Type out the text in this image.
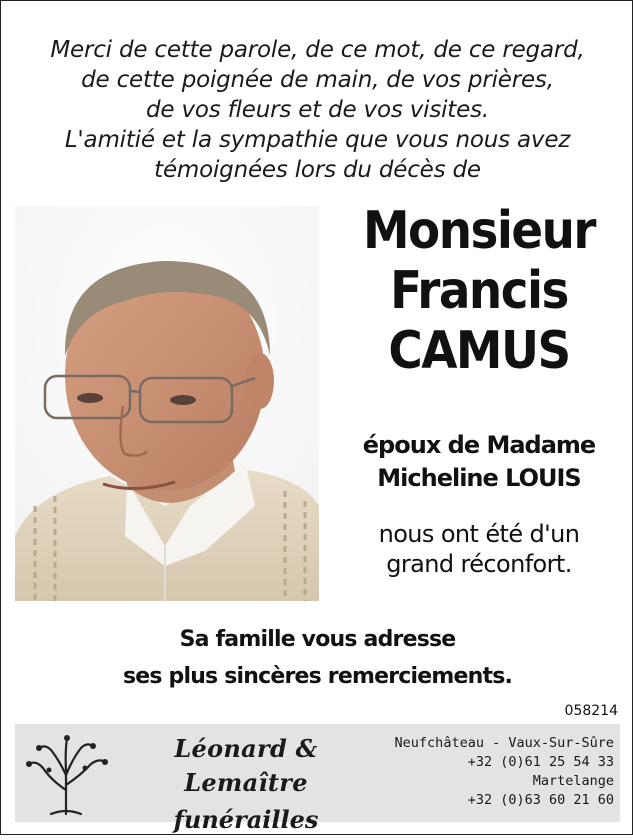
Merci de cette parole, de ce mot, de ce regard,
de cette poignée de main, de vos prières,
de vos fleurs et de vos visites.
L'amitié et la sympathie que vous nous avez
témoignées lors du décès de
Monsieur
Francis
CAMUS
époux de Madame
Micheline LOUIS
nous ont été d'un
grand réconfort.
Sa famille vous adresse
ses plus sincères remerciements.
058214
Léonard & Lemaître
funérailles
Neufchâteau - Vaux-Sur-Sûre
+32 (0)61 25 54 33
Martelange
+32 (0)63 60 21 60
